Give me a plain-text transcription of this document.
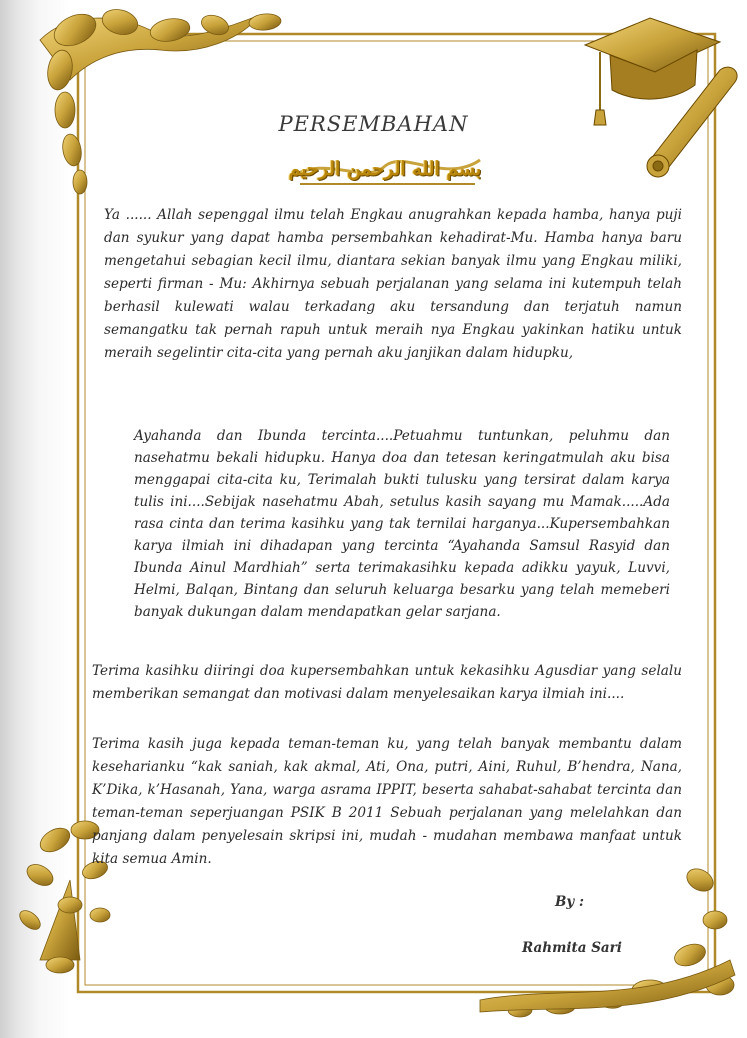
PERSEMBAHAN
بسم الله الرحمن الرحيم

Ya ...... Allah sepenggal ilmu telah Engkau anugrahkan kepada hamba, hanya puji dan syukur yang dapat hamba persembahkan kehadirat-Mu. Hamba hanya baru mengetahui sebagian kecil ilmu, diantara sekian banyak ilmu yang Engkau miliki, seperti firman - Mu: Akhirnya sebuah perjalanan yang selama ini kutempuh telah berhasil kulewati walau terkadang aku tersandung dan terjatuh namun semangatku tak pernah rapuh untuk meraih nya Engkau yakinkan hatiku untuk meraih segelintir cita-cita yang pernah aku janjikan dalam hidupku,

Ayahanda dan Ibunda tercinta....Petuahmu tuntunkan, peluhmu dan nasehatmu bekali hidupku. Hanya doa dan tetesan keringatmulah aku bisa menggapai cita-cita ku, Terimalah bukti tulusku yang tersirat dalam karya tulis ini....Sebijak nasehatmu Abah, setulus kasih sayang mu Mamak.....Ada rasa cinta dan terima kasihku yang tak ternilai harganya...Kupersembahkan karya ilmiah ini dihadapan yang tercinta “Ayahanda Samsul Rasyid dan Ibunda Ainul Mardhiah” serta terimakasihku kepada adikku yayuk, Luvvi, Helmi, Balqan, Bintang dan seluruh keluarga besarku yang telah memeberi banyak dukungan dalam mendapatkan gelar sarjana.

Terima kasihku diiringi doa kupersembahkan untuk kekasihku Agusdiar yang selalu memberikan semangat dan motivasi dalam menyelesaikan karya ilmiah ini....

Terima kasih juga kepada teman-teman ku, yang telah banyak membantu dalam keseharianku “kak saniah, kak akmal, Ati, Ona, putri, Aini, Ruhul, B’hendra, Nana, K’Dika, k’Hasanah, Yana, warga asrama IPPIT, beserta sahabat-sahabat tercinta dan teman-teman seperjuangan PSIK B 2011 Sebuah perjalanan yang melelahkan dan panjang dalam penyelesain skripsi ini, mudah - mudahan membawa manfaat untuk kita semua Amin.

By :
Rahmita Sari
